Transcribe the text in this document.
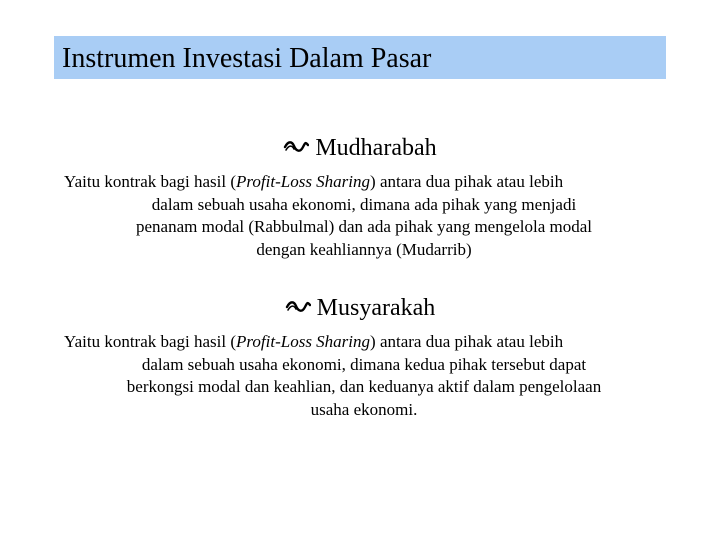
Instrumen Investasi Dalam Pasar
Mudharabah
Yaitu kontrak bagi hasil (Profit-Loss Sharing) antara dua pihak atau lebih
dalam sebuah usaha ekonomi, dimana ada pihak yang menjadi
penanam modal (Rabbulmal) dan ada pihak yang mengelola modal
dengan keahliannya (Mudarrib)
Musyarakah
Yaitu kontrak bagi hasil (Profit-Loss Sharing) antara dua pihak atau lebih
dalam sebuah usaha ekonomi, dimana kedua pihak tersebut dapat
berkongsi modal dan keahlian, dan keduanya aktif dalam pengelolaan
usaha ekonomi.
